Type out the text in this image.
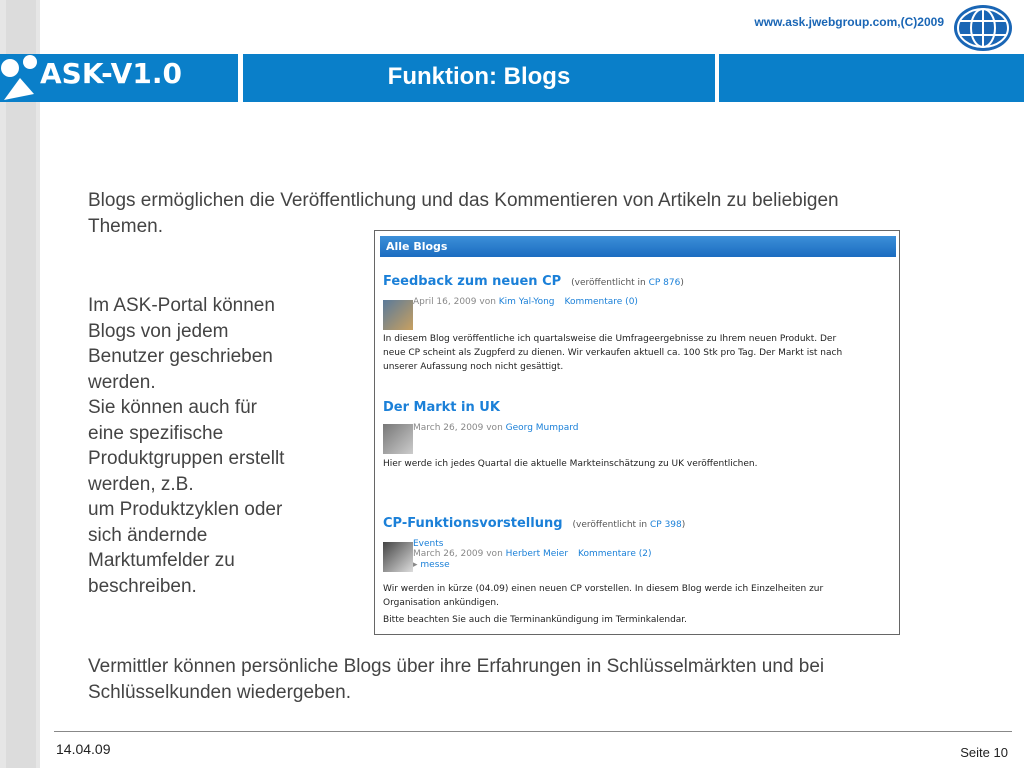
www.ask.jwebgroup.com,(C)2009
ASK-V1.0	Funktion: Blogs
Blogs ermöglichen die Veröffentlichung und das Kommentieren von Artikeln zu beliebigen Themen.
Im ASK-Portal können
Blogs von jedem
Benutzer geschrieben
werden.
Sie können auch für
eine spezifische
Produktgruppen erstellt
werden, z.B.
um Produktzyklen oder
sich ändernde
Marktumfelder zu
beschreiben.
Alle Blogs
Feedback zum neuen CP (veröffentlicht in CP 876)
April 16, 2009 von Kim Yal-Yong Kommentare (0)
In diesem Blog veröffentliche ich quartalsweise die Umfrageergebnisse zu Ihrem neuen Produkt. Der
neue CP scheint als Zugpferd zu dienen. Wir verkaufen aktuell ca. 100 Stk pro Tag. Der Markt ist nach
unserer Aufassung noch nicht gesättigt.
Der Markt in UK
March 26, 2009 von Georg Mumpard
Hier werde ich jedes Quartal die aktuelle Markteinschätzung zu UK veröffentlichen.
CP-Funktionsvorstellung (veröffentlicht in CP 398)
Events
March 26, 2009 von Herbert Meier Kommentare (2)
▸ messe
Wir werden in kürze (04.09) einen neuen CP vorstellen. In diesem Blog werde ich Einzelheiten zur
Organisation ankündigen.
Bitte beachten Sie auch die Terminankündigung im Terminkalendar.
Vermittler können persönliche Blogs über ihre Erfahrungen in Schlüsselmärkten und bei Schlüsselkunden wiedergeben.
14.04.09	Seite 10
